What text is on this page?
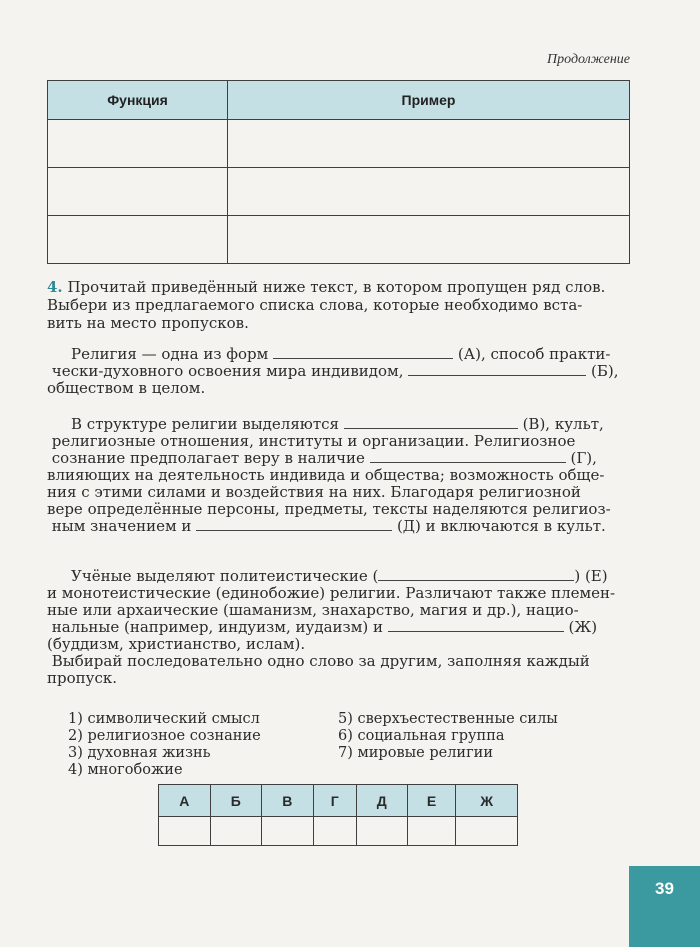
Продолжение
Функция	Пример

4. Прочитай приведённый ниже текст, в котором пропущен ряд слов.
Выбери из предлагаемого списка слова, которые необходимо вста-
вить на место пропусков.
Религия — одна из форм	(А), способ практи-
чески-духовного освоения мира индивидом,	(Б),
обществом в целом.
В структуре религии выделяются	(В), культ,
религиозные отношения, институты и организации. Религиозное
сознание предполагает веру в наличие	(Г),
влияющих на деятельность индивида и общества; возможность обще-
ния с этими силами и воздействия на них. Благодаря религиозной
вере определённые персоны, предметы, тексты наделяются религиоз-
ным значением и	(Д) и включаются в культ.
Учёные выделяют политеистические (	) (Е)
и монотеистические (единобожие) религии. Различают также племен-
ные или архаические (шаманизм, знахарство, магия и др.), нацио-
нальные (например, индуизм, иудаизм) и	(Ж)
(буддизм, христианство, ислам).
Выбирай последовательно одно слово за другим, заполняя каждый
пропуск.
1) символический смысл
2) религиозное сознание
3) духовная жизнь
4) многобожие
5) сверхъестественные силы
6) социальная группа
7) мировые религии
А	Б	В	Г	Д	Е	Ж

39
